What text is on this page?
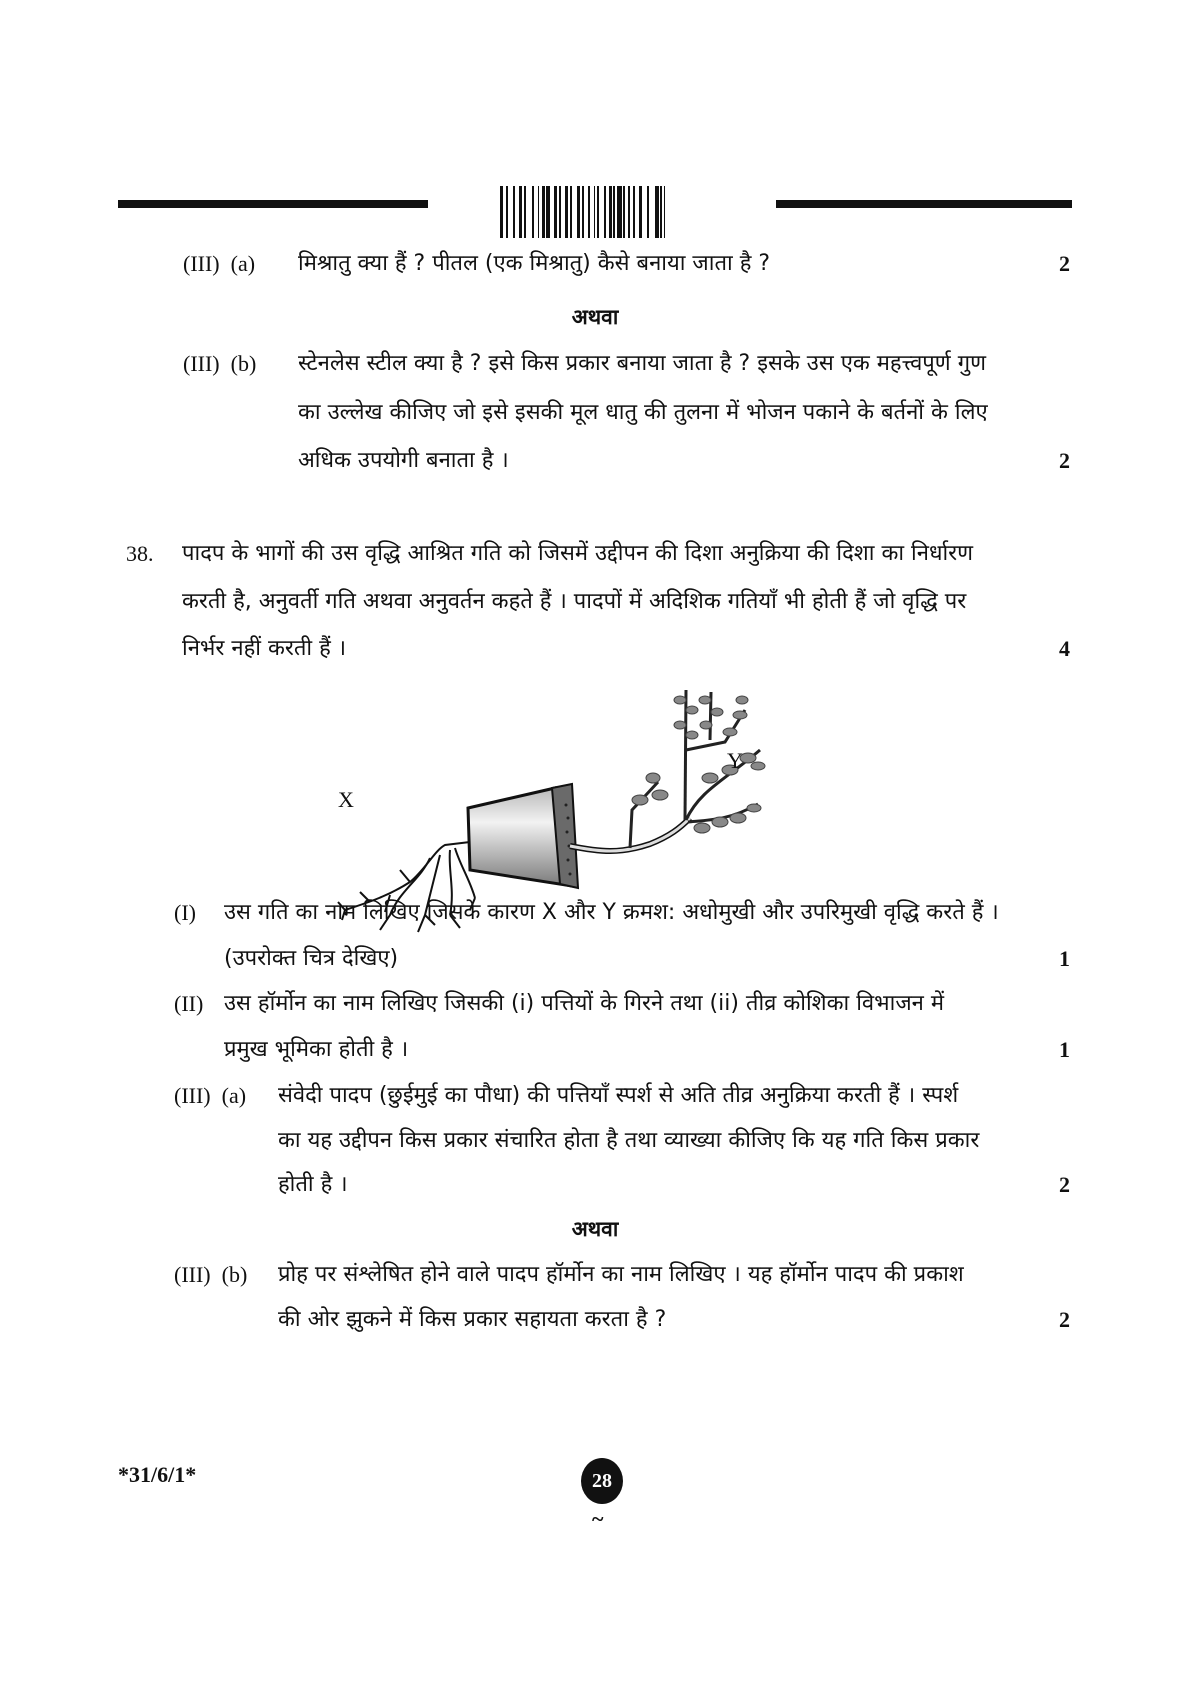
(III)  (a) मिश्रातु क्या हैं ? पीतल (एक मिश्रातु) कैसे बनाया जाता है ?	2
अथवा
(III)  (b) स्टेनलेस स्टील क्या है ? इसे किस प्रकार बनाया जाता है ? इसके उस एक महत्त्वपूर्ण गुण
का उल्लेख कीजिए जो इसे इसकी मूल धातु की तुलना में भोजन पकाने के बर्तनों के लिए
अधिक उपयोगी बनाता है ।	2
38. पादप के भागों की उस वृद्धि आश्रित गति को जिसमें उद्दीपन की दिशा अनुक्रिया की दिशा का निर्धारण
करती है, अनुवर्ती गति अथवा अनुवर्तन कहते हैं । पादपों में अदिशिक गतियाँ भी होती हैं जो वृद्धि पर
निर्भर नहीं करती हैं ।	4
X
Y
(I) उस गति का नाम लिखिए जिसके कारण X और Y क्रमश: अधोमुखी और उपरिमुखी वृद्धि करते हैं ।
(उपरोक्त चित्र देखिए)	1
(II) उस हॉर्मोन का नाम लिखिए जिसकी (i) पत्तियों के गिरने तथा (ii) तीव्र कोशिका विभाजन में
प्रमुख भूमिका होती है ।	1
(III)  (a) संवेदी पादप (छुईमुई का पौधा) की पत्तियाँ स्पर्श से अति तीव्र अनुक्रिया करती हैं । स्पर्श
का यह उद्दीपन किस प्रकार संचारित होता है तथा व्याख्या कीजिए कि यह गति किस प्रकार
होती है ।	2
अथवा
(III)  (b) प्रोह पर संश्लेषित होने वाले पादप हॉर्मोन का नाम लिखिए । यह हॉर्मोन पादप की प्रकाश
की ओर झुकने में किस प्रकार सहायता करता है ?	2
*31/6/1*	28
~
